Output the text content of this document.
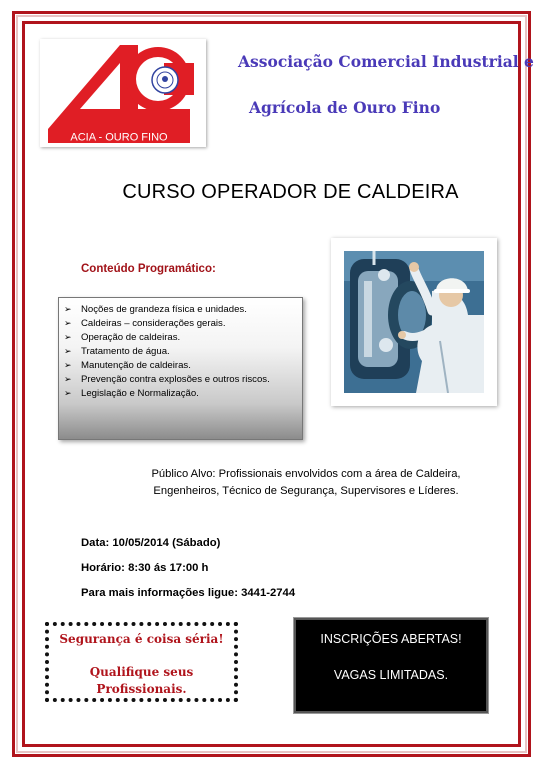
ACIA - OURO FINO
Associação Comercial Industrial e
Agrícola de Ouro Fino
CURSO OPERADOR DE CALDEIRA
Conteúdo Programático:
➢ Noções de grandeza física e unidades.
➢ Caldeiras – considerações gerais.
➢ Operação de caldeiras.
➢ Tratamento de água.
➢ Manutenção de caldeiras.
➢ Prevenção contra explosões e outros riscos.
➢ Legislação e Normalização.
Público Alvo: Profissionais envolvidos com a área de Caldeira,
Engenheiros, Técnico de Segurança, Supervisores e Líderes.
Data: 10/05/2014 (Sábado)
Horário: 8:30 ás 17:00 h
Para mais informações ligue: 3441-2744
Segurança é coisa séria!
Qualifique seus
Profissionais.
INSCRIÇÕES ABERTAS!
VAGAS LIMITADAS.
